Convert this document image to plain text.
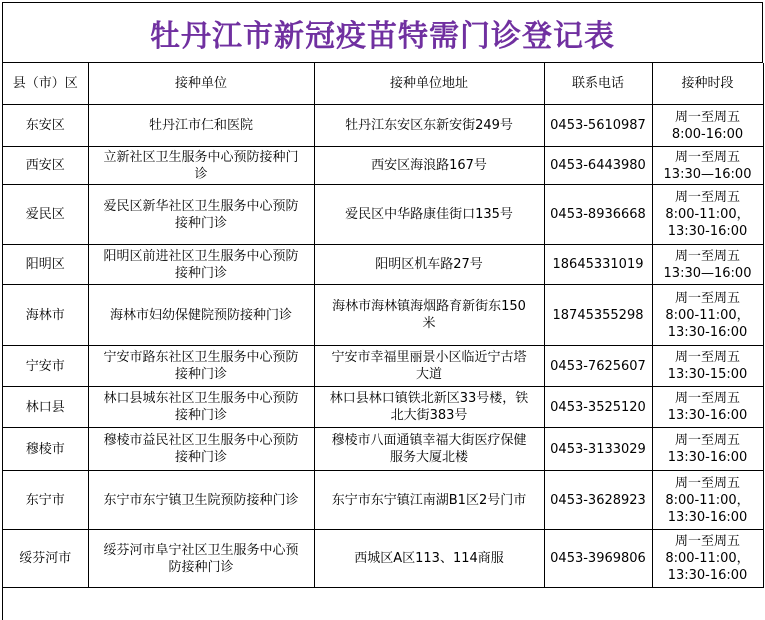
牡丹江市新冠疫苗特需门诊登记表
县（市）区	接种单位	接种单位地址	联系电话	接种时段
东安区	牡丹江市仁和医院	牡丹江东安区东新安街249号	0453-5610987	周一至周五
8:00-16:00

西安区	立新社区卫生服务中心预防接种门诊	西安区海浪路167号	0453-6443980	周一至周五
13:30—16:00

爱民区	爱民区新华社区卫生服务中心预防接种门诊	爱民区中华路康佳街口135号	0453-8936668	周一至周五
8:00-11:00，
13:30-16:00

阳明区	阳明区前进社区卫生服务中心预防接种门诊	阳明区机车路27号	18645331019	周一至周五
13:30—16:00

海林市	海林市妇幼保健院预防接种门诊	海林市海林镇海烟路育新街东150米	18745355298	周一至周五
8:00-11:00，
13:30-16:00

宁安市	宁安市路东社区卫生服务中心预防接种门诊	宁安市幸福里丽景小区临近宁古塔大道	0453-7625607	周一至周五
13:30-15:00

林口县	林口县城东社区卫生服务中心预防接种门诊	林口县林口镇铁北新区33号楼，铁北大街383号	0453-3525120	周一至周五
13:30-16:00

穆棱市	穆棱市益民社区卫生服务中心预防接种门诊	穆棱市八面通镇幸福大街医疗保健服务大厦北楼	0453-3133029	周一至周五
13:30-16:00

东宁市	东宁市东宁镇卫生院预防接种门诊	东宁市东宁镇江南湖B1区2号门市	0453-3628923	周一至周五
8:00-11:00，
13:30-16:00

绥芬河市	绥芬河市阜宁社区卫生服务中心预防接种门诊	西城区A区113、114商服	0453-3969806	周一至周五
8:00-11:00，
13:30-16:00
